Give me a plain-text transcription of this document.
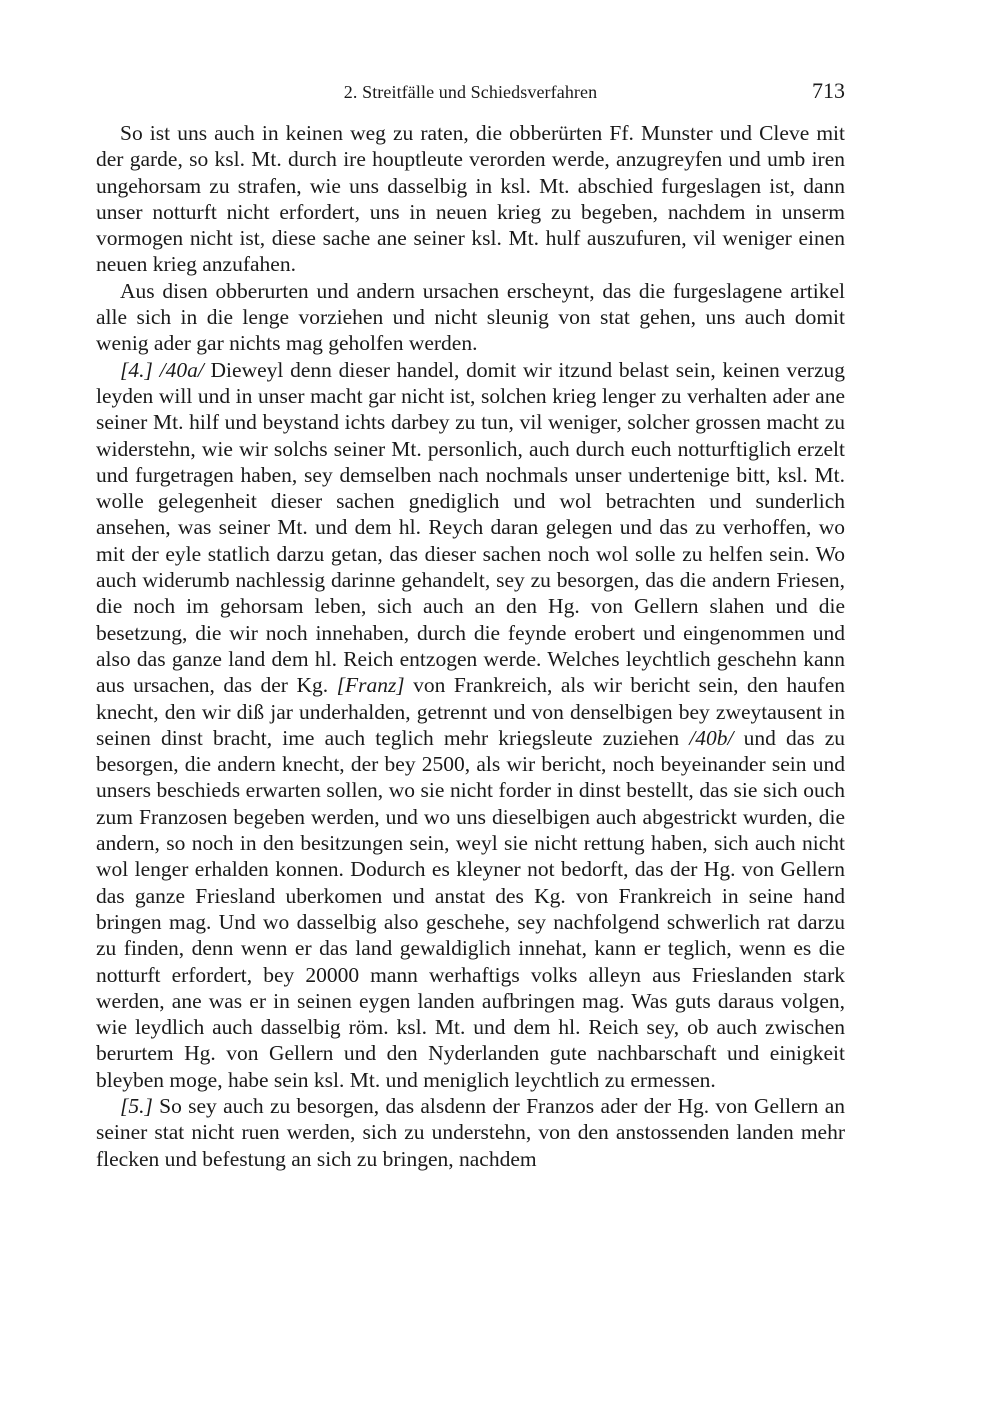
2. Streitfälle und Schiedsverfahren	713

So ist uns auch in keinen weg zu raten, die obberürten Ff. Munster und Cleve mit der garde, so ksl. Mt. durch ire houptleute verorden werde, anzugreyfen und umb iren ungehorsam zu strafen, wie uns dasselbig in ksl. Mt. abschied furgeslagen ist, dann unser notturft nicht erfordert, uns in neuen krieg zu begeben, nachdem in unserm vormogen nicht ist, diese sache ane seiner ksl. Mt. hulf auszufuren, vil weniger einen neuen krieg anzufahen.

Aus disen obberurten und andern ursachen erscheynt, das die furgeslagene artikel alle sich in die lenge vorziehen und nicht sleunig von stat gehen, uns auch domit wenig ader gar nichts mag geholfen werden.

[4.] /40a/ Dieweyl denn dieser handel, domit wir itzund belast sein, keinen verzug leyden will und in unser macht gar nicht ist, solchen krieg lenger zu verhalten ader ane seiner Mt. hilf und beystand ichts darbey zu tun, vil weniger, solcher grossen macht zu widerstehn, wie wir solchs seiner Mt. personlich, auch durch euch notturftiglich erzelt und furgetragen haben, sey demselben nach nochmals unser undertenige bitt, ksl. Mt. wolle gelegenheit dieser sachen gnediglich und wol betrachten und sunderlich ansehen, was seiner Mt. und dem hl. Reych daran gelegen und das zu verhoffen, wo mit der eyle statlich darzu getan, das dieser sachen noch wol solle zu helfen sein. Wo auch widerumb nachlessig darinne gehandelt, sey zu besorgen, das die andern Friesen, die noch im gehorsam leben, sich auch an den Hg. von Gellern slahen und die besetzung, die wir noch innehaben, durch die feynde erobert und eingenommen und also das ganze land dem hl. Reich entzogen werde. Welches leychtlich geschehn kann aus ursachen, das der Kg. [Franz] von Frankreich, als wir bericht sein, den haufen knecht, den wir diß jar underhalden, getrennt und von denselbigen bey zweytausent in seinen dinst bracht, ime auch teglich mehr kriegsleute zuziehen /40b/ und das zu besorgen, die andern knecht, der bey 2500, als wir bericht, noch beyeinander sein und unsers beschieds erwarten sollen, wo sie nicht forder in dinst bestellt, das sie sich ouch zum Franzosen begeben werden, und wo uns dieselbigen auch abgestrickt wurden, die andern, so noch in den besitzungen sein, weyl sie nicht rettung haben, sich auch nicht wol lenger erhalden konnen. Dodurch es kleyner not bedorft, das der Hg. von Gellern das ganze Friesland uberkomen und anstat des Kg. von Frankreich in seine hand bringen mag. Und wo dasselbig also geschehe, sey nachfolgend schwerlich rat darzu zu finden, denn wenn er das land gewaldiglich innehat, kann er teglich, wenn es die notturft erfordert, bey 20000 mann werhaftigs volks alleyn aus Frieslanden stark werden, ane was er in seinen eygen landen aufbringen mag. Was guts daraus volgen, wie leydlich auch dasselbig röm. ksl. Mt. und dem hl. Reich sey, ob auch zwischen berurtem Hg. von Gellern und den Nyderlanden gute nachbarschaft und einigkeit bleyben moge, habe sein ksl. Mt. und meniglich leychtlich zu ermessen.

[5.] So sey auch zu besorgen, das alsdenn der Franzos ader der Hg. von Gellern an seiner stat nicht ruen werden, sich zu understehn, von den anstossenden landen mehr flecken und befestung an sich zu bringen, nachdem
